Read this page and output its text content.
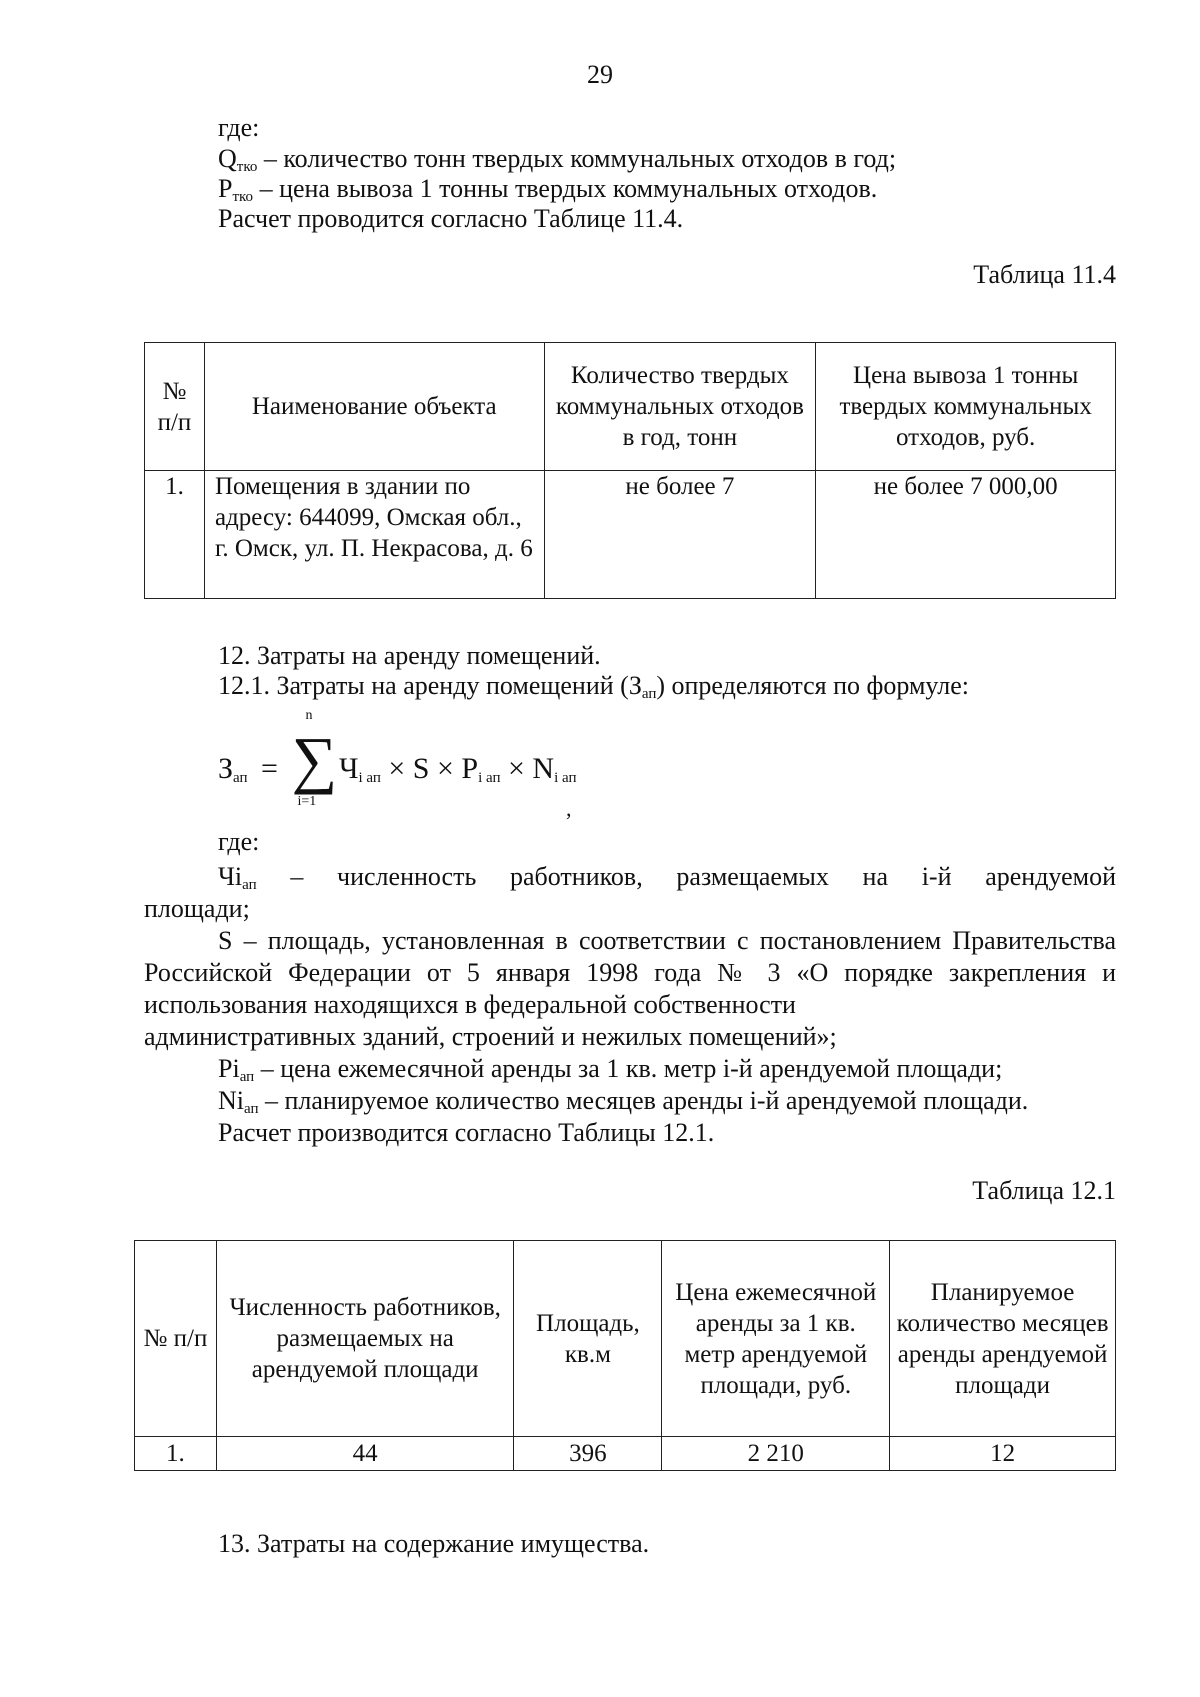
29
где:
$Q_{тко}$ – количество тонн твердых коммунальных отходов в год;
$P_{тко}$ – цена вывоза 1 тонны твердых коммунальных отходов.
Расчет проводится согласно Таблице 11.4.
Таблица 11.4
№ п/п	Наименование объекта	Количество твердых коммунальных отходов в год, тонн	Цена вывоза 1 тонны твердых коммунальных отходов, руб.
1.	Помещения в здании по адресу: 644099, Омская обл., г. Омск, ул. П. Некрасова, д. 6	не более 7	не более 7 000,00
12. Затраты на аренду помещений.
12.1. Затраты на аренду помещений $(З_{ап})$ определяются по формуле:
$З_{ап}$ = ∑
n
i=1
$Ч_{i ап} \times S \times P_{i ап} \times N_{i ап}$
,
где:
$Чi_{ап}$ – численность работников, размещаемых на i-й арендуемой
площади;
S – площадь, установленная в соответствии с постановлением Правительства Российской Федерации от 5 января 1998 года № 3 «О порядке закрепления и использования находящихся в федеральной собственности
административных зданий, строений и нежилых помещений»;
$Pi_{ап}$ – цена ежемесячной аренды за 1 кв. метр i-й арендуемой площади;
$Ni_{ап}$ – планируемое количество месяцев аренды i-й арендуемой площади.
Расчет производится согласно Таблицы 12.1.
Таблица 12.1
№ п/п	Численность работников, размещаемых на арендуемой площади	Площадь, кв.м	Цена ежемесячной аренды за 1 кв. метр арендуемой площади, руб.	Планируемое количество месяцев аренды арендуемой площади
1.	44	396	2 210	12
13. Затраты на содержание имущества.
